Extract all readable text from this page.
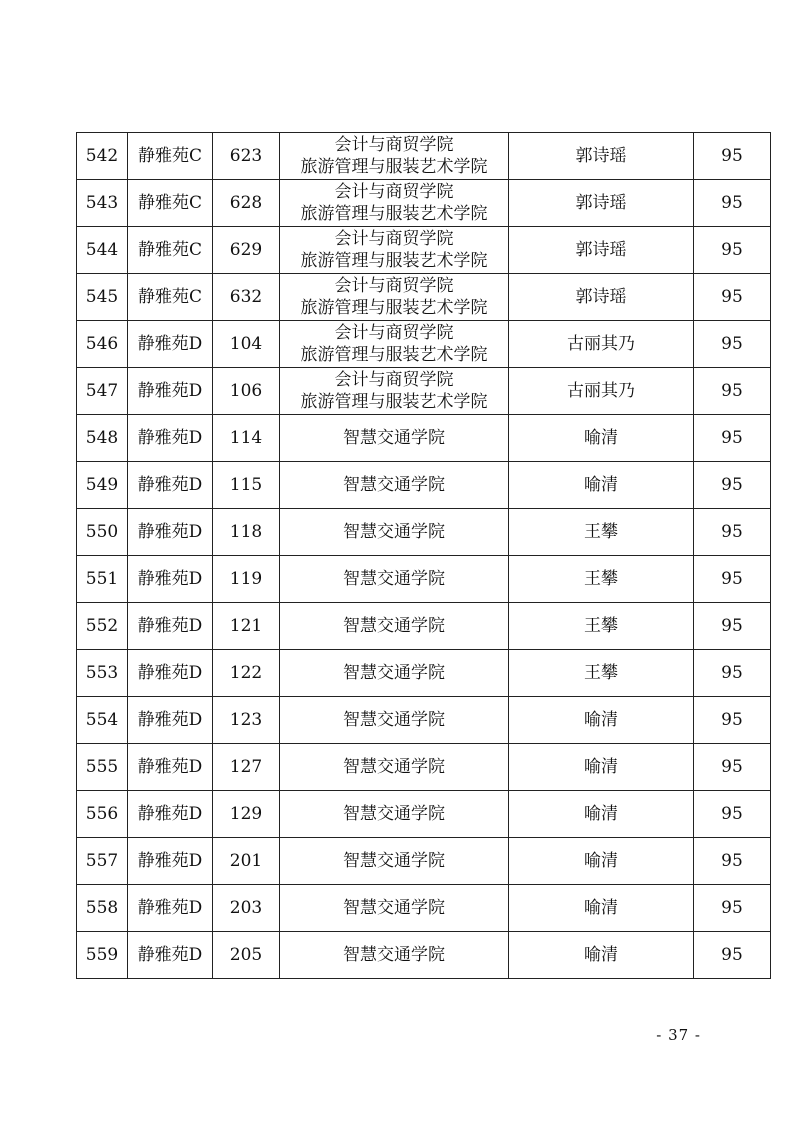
542	静雅苑C	623	会计与商贸学院
旅游管理与服装艺术学院	郭诗瑶	95
543	静雅苑C	628	会计与商贸学院
旅游管理与服装艺术学院	郭诗瑶	95
544	静雅苑C	629	会计与商贸学院
旅游管理与服装艺术学院	郭诗瑶	95
545	静雅苑C	632	会计与商贸学院
旅游管理与服装艺术学院	郭诗瑶	95
546	静雅苑D	104	会计与商贸学院
旅游管理与服装艺术学院	古丽其乃	95
547	静雅苑D	106	会计与商贸学院
旅游管理与服装艺术学院	古丽其乃	95
548	静雅苑D	114	智慧交通学院	喻清	95
549	静雅苑D	115	智慧交通学院	喻清	95
550	静雅苑D	118	智慧交通学院	王攀	95
551	静雅苑D	119	智慧交通学院	王攀	95
552	静雅苑D	121	智慧交通学院	王攀	95
553	静雅苑D	122	智慧交通学院	王攀	95
554	静雅苑D	123	智慧交通学院	喻清	95
555	静雅苑D	127	智慧交通学院	喻清	95
556	静雅苑D	129	智慧交通学院	喻清	95
557	静雅苑D	201	智慧交通学院	喻清	95
558	静雅苑D	203	智慧交通学院	喻清	95
559	静雅苑D	205	智慧交通学院	喻清	95
- 37 -
